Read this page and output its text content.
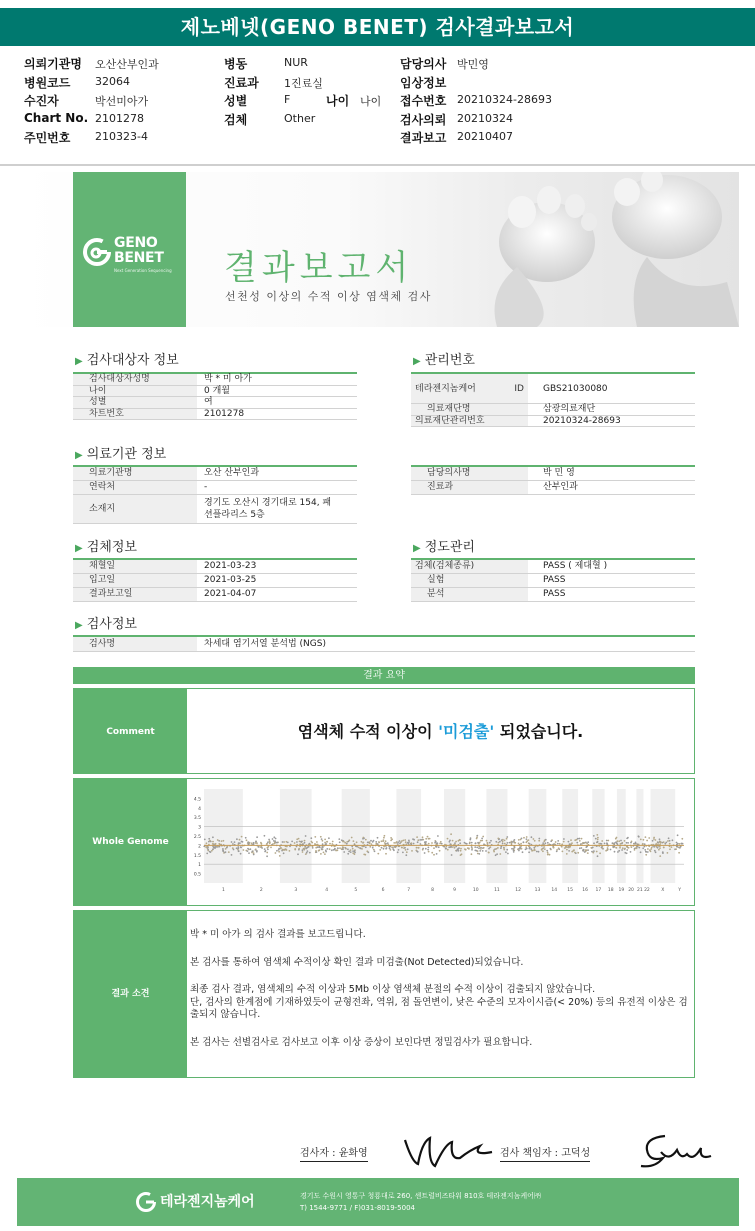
제노베넷(GENO BENET) 검사결과보고서
의뢰기관명 오산산부인과	병동	NUR	담당의사 박민영
병원코드 32064	진료과 1진료실	임상정보
수진자	박선미아가	성별	F	나이 나이 접수번호 20210324-28693
Chart No. 2101278	검체	Other	검사의뢰 20210324
주민번호 210323-4	결과보고 20210407
GENO
BENET
Next Generation Sequencing 결과보고서
선천성 이상의 수적 이상 염색체 검사
▶ 검사대상자 정보
검사대상자성명	박 * 미 아가
나이	0 개월
성별	여
차트번호	2101278
▶ 관리번호
테라젠지놈케어 ID	GBS21030080
의료재단명	삼광의료재단
의료재단관리번호	20210324-28693
▶ 의료기관 정보
의료기관명	오산 산부인과
연락처	-
소재지
경기도 오산시 경기대로 154, 패
션플라리스 5층
담당의사명	박 민 영
진료과	산부인과
▶ 검체정보
채혈일	2021-03-23
입고일	2021-03-25
결과보고일	2021-04-07
▶ 정도관리
검체(검체종류)	PASS ( 제대혈 )
실험	PASS
분석	PASS
▶ 검사정보
검사명	차세대 염기서열 분석법 (NGS)
결과 요약
Comment	염색체 수적 이상이 '미검출' 되었습니다.
Whole Genome
4.5
4
3.5
3
2.5
2
1.5
1
0.5
1	2	3	4	5	6	7	8	9	10	11	12	13 14 15 16 17 18 19 20 21 22	X	Y
결과 소견

박 * 미 아가 의 검사 결과를 보고드립니다.

본 검사를 통하여 염색체 수적이상 확인 결과 미검출(Not Detected)되었습니다.

최종 검사 결과, 염색체의 수적 이상과 5Mb 이상 염색체 분절의 수적 이상이 검출되지 않았습니다.

단, 검사의 한계점에 기재하였듯이 균형전좌, 역위, 점 돌연변이, 낮은 수준의 모자이시즘(< 20%) 등의 유전적 이상은 검출되지 않습니다.

본 검사는 선별검사로 검사보고 이후 이상 증상이 보인다면 정밀검사가 필요합니다.

검사자 : 윤화영	검사 책임자 : 고덕성
테라젠지놈케어	경기도 수원시 영통구 청룡대로 260, 센트럴비즈타워 810호 테라젠지놈케어㈜
T) 1544-9771 / F)031-8019-5004
